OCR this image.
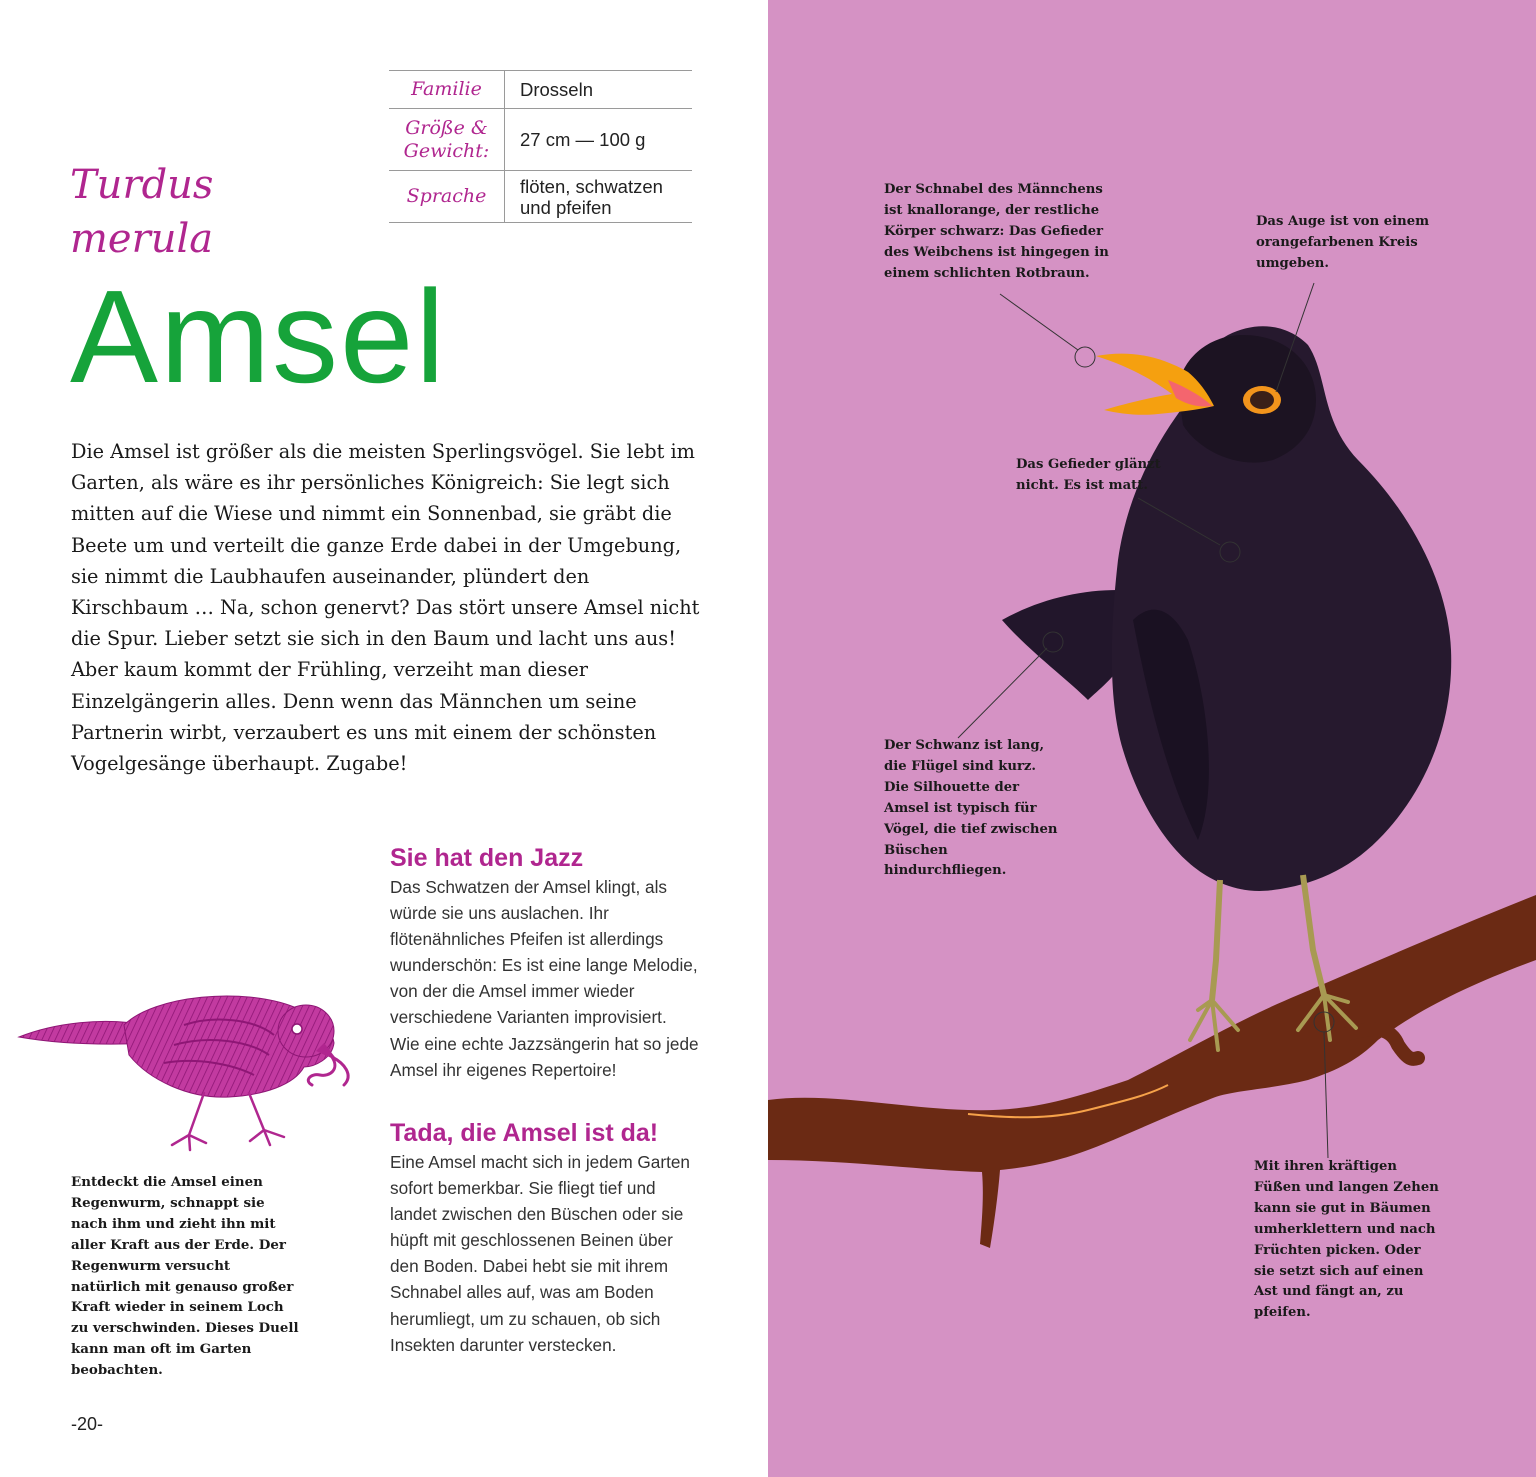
Familie	Drosseln
Größe & Gewicht:	27 cm — 100 g
Sprache	flöten, schwatzen und pfeifen
Turdus merula
Amsel

Die Amsel ist größer als die meisten Sperlingsvögel. Sie lebt im Garten, als wäre es ihr persönliches Königreich: Sie legt sich mitten auf die Wiese und nimmt ein Sonnenbad, sie gräbt die Beete um und verteilt die ganze Erde dabei in der Umgebung, sie nimmt die Laubhaufen auseinander, plündert den Kirschbaum … Na, schon genervt? Das stört unsere Amsel nicht die Spur. Lieber setzt sie sich in den Baum und lacht uns aus! Aber kaum kommt der Frühling, verzeiht man dieser Einzelgängerin alles. Denn wenn das Männchen um seine Partnerin wirbt, verzaubert es uns mit einem der schönsten Vogelgesänge überhaupt. Zugabe!

Sie hat den Jazz

Das Schwatzen der Amsel klingt, als würde sie uns auslachen. Ihr flötenähnliches Pfeifen ist allerdings wunderschön: Es ist eine lange Melodie, von der die Amsel immer wieder verschiedene Varianten improvisiert. Wie eine echte Jazzsängerin hat so jede Amsel ihr eigenes Repertoire!

Tada, die Amsel ist da!

Eine Amsel macht sich in jedem Garten sofort bemerkbar. Sie fliegt tief und landet zwischen den Büschen oder sie hüpft mit geschlossenen Beinen über den Boden. Dabei hebt sie mit ihrem Schnabel alles auf, was am Boden herumliegt, um zu schauen, ob sich Insekten darunter verstecken.

Entdeckt die Amsel einen Regenwurm, schnappt sie nach ihm und zieht ihn mit aller Kraft aus der Erde. Der Regenwurm versucht natürlich mit genauso großer Kraft wieder in seinem Loch zu verschwinden. Dieses Duell kann man oft im Garten beobachten.

-20-

Der Schnabel des Männchens ist knallorange, der restliche Körper schwarz: Das Gefieder des Weibchens ist hingegen in einem schlichten Rotbraun.

Das Auge ist von einem orangefarbenen Kreis umgeben.

Das Gefieder glänzt nicht. Es ist matt.

Der Schwanz ist lang, die Flügel sind kurz. Die Silhouette der Amsel ist typisch für Vögel, die tief zwischen Büschen hindurchfliegen.

Mit ihren kräftigen Füßen und langen Zehen kann sie gut in Bäumen umherklettern und nach Früchten picken. Oder sie setzt sich auf einen Ast und fängt an, zu pfeifen.
